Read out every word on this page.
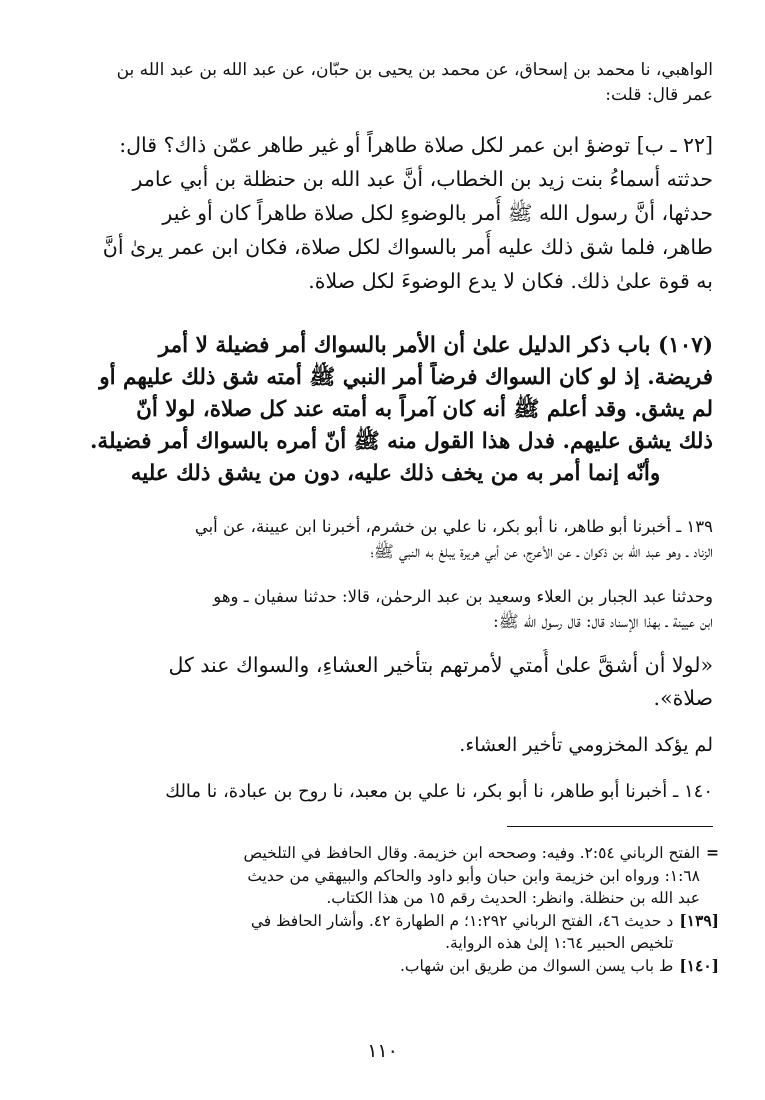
الواهبي، نا محمد بن إسحاق، عن محمد بن يحيى بن حبّان، عن عبد الله بن عبد الله بن
عمر قال: قلت:
[٢٢ ـ ب] توضؤ ابن عمر لكل صلاة طاهراً أو غير طاهر عمّن ذاك؟ قال:
حدثته أسماءُ بنت زيد بن الخطاب، أنَّ عبد الله بن حنظلة بن أبي عامر
حدثها، أنَّ رسول الله ﷺ أُمر بالوضوءِ لكل صلاة طاهراً كان أو غير
طاهر، فلما شق ذلك عليه أُمر بالسواك لكل صلاة، فكان ابن عمر يرىٰ أنَّ
به قوة علىٰ ذلك. فكان لا يدع الوضوءَ لكل صلاة.
(١٠٧) باب ذكر الدليل علىٰ أن الأمر بالسواك أمر فضيلة لا أمر
فريضة. إذ لو كان السواك فرضاً أمر النبي ﷺ أمته شق ذلك عليهم أو
لم يشق. وقد أعلم ﷺ أنه كان آمراً به أمته عند كل صلاة، لولا أنّ
ذلك يشق عليهم. فدل هذا القول منه ﷺ أنّ أمره بالسواك أمر فضيلة.
وأنّه إنما أمر به من يخف ذلك عليه، دون من يشق ذلك عليه
١٣٩ ـ أخبرنا أبو طاهر، نا أبو بكر، نا علي بن خشرم، أخبرنا ابن عيينة، عن أبي
الزناد ـ وهو عبد الله بن ذكوان ـ عن الأعرج، عن أبي هريرة يبلغ به النبي ﷺ؛
وحدثنا عبد الجبار بن العلاء وسعيد بن عبد الرحمٰن، قالا: حدثنا سفيان ـ وهو
ابن عيينة ـ بهذا الإسناد قال: قال رسول الله ﷺ:
«لولا أن أشقَّ علىٰ أُمتي لأمرتهم بتأخير العشاءِ، والسواك عند كل
صلاة».
لم يؤكد المخزومي تأخير العشاء.
١٤٠ ـ أخبرنا أبو طاهر، نا أبو بكر، نا علي بن معبد، نا روح بن عبادة، نا مالك
=
الفتح الرباني ٢:٥٤. وفيه: وصححه ابن خزيمة. وقال الحافظ في التلخيص
١:٦٨: ورواه ابن خزيمة وابن حبان وأبو داود والحاكم والبيهقي من حديث
عبد الله بن حنظلة. وانظر: الحديث رقم ١٥ من هذا الكتاب.
[١٣٩]
د حديث ٤٦، الفتح الرباني ١:٢٩٢؛ م الطهارة ٤٢. وأشار الحافظ في
تلخيص الحبير ١:٦٤ إلىٰ هذه الرواية.
[١٤٠]
ط باب يسن السواك من طريق ابن شهاب.
١١٠
